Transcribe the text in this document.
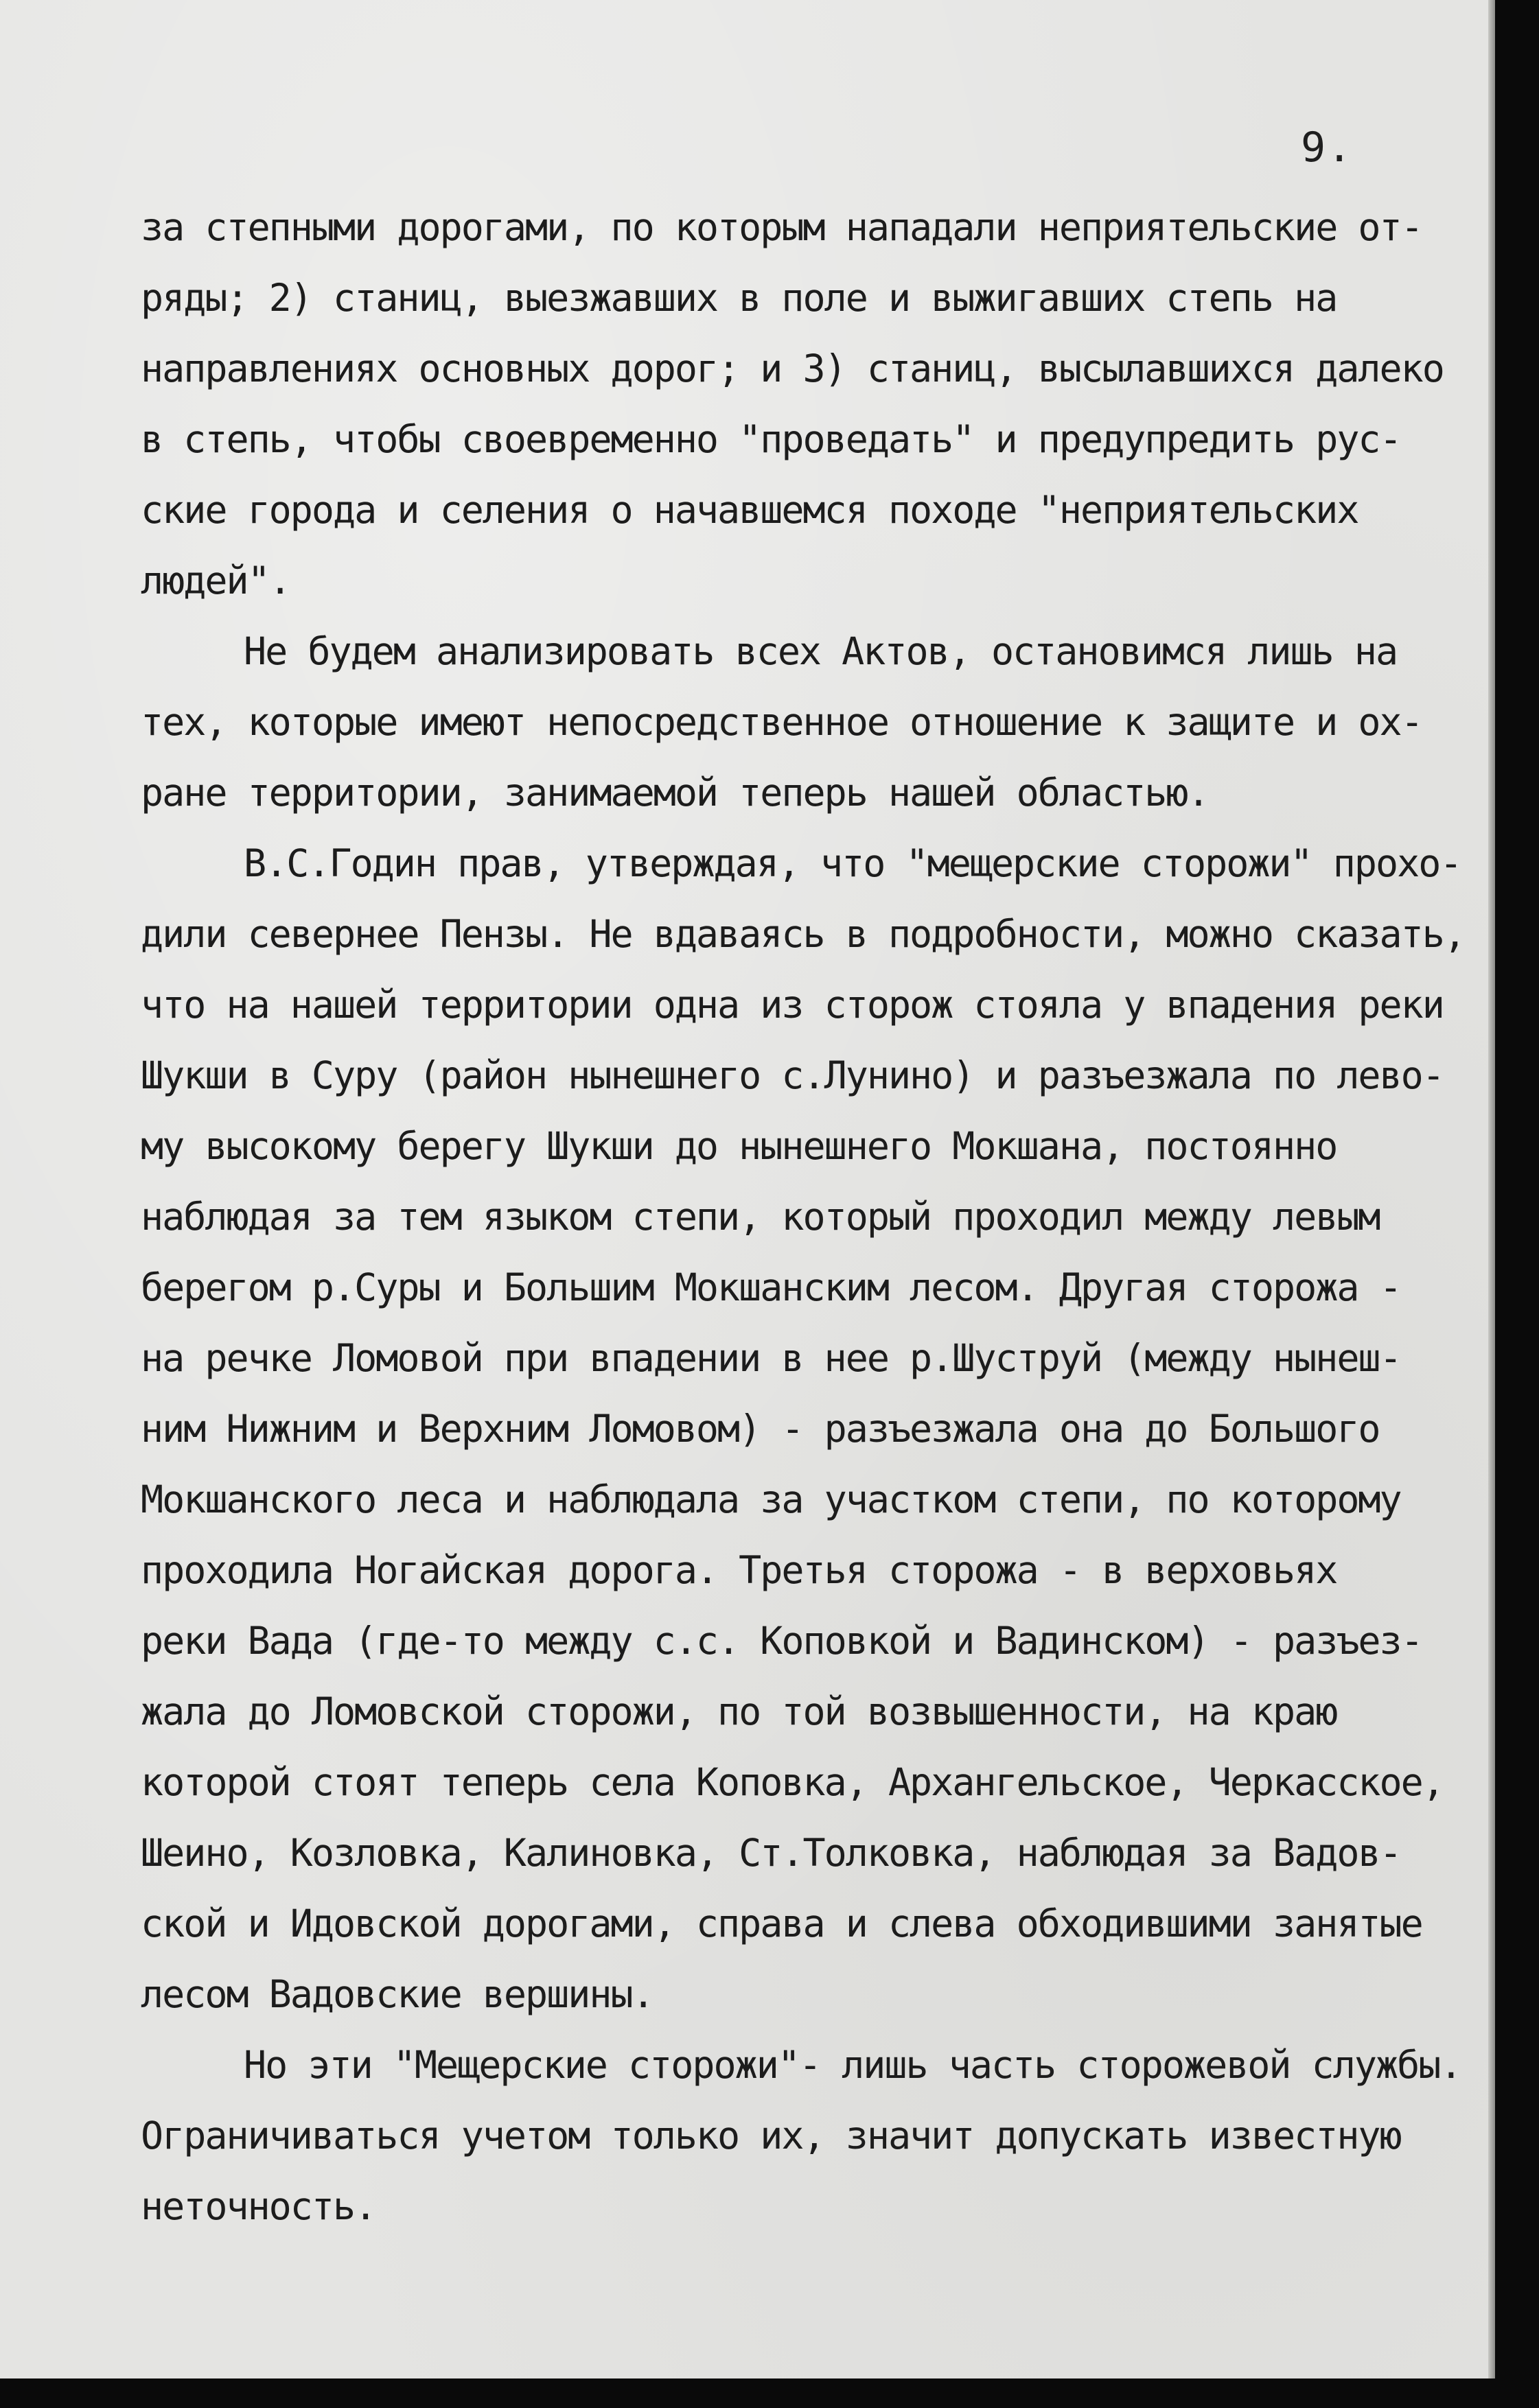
9.
за степными дорогами, по которым нападали неприятельские от-
ряды; 2) станиц, выезжавших в поле и выжигавших степь на
направлениях основных дорог; и 3) станиц, высылавшихся далеко
в степь, чтобы своевременно "проведать" и предупредить рус-
ские города и селения о начавшемся походе "неприятельских
людей".
Не будем анализировать всех Актов, остановимся лишь на
тех, которые имеют непосредственное отношение к защите и ох-
ране территории, занимаемой теперь нашей областью.
В.С.Годин прав, утверждая, что "мещерские сторожи" прохо-
дили севернее Пензы. Не вдаваясь в подробности, можно сказать,
что на нашей территории одна из сторож стояла у впадения реки
Шукши в Суру (район нынешнего с.Лунино) и разъезжала по лево-
му высокому берегу Шукши до нынешнего Мокшана, постоянно
наблюдая за тем языком степи, который проходил между левым
берегом р.Суры и Большим Мокшанским лесом. Другая сторожа -
на речке Ломовой при впадении в нее р.Шуструй (между нынеш-
ним Нижним и Верхним Ломовом) - разъезжала она до Большого
Мокшанского леса и наблюдала за участком степи, по которому
проходила Ногайская дорога. Третья сторожа - в верховьях
реки Вада (где-то между с.с. Коповкой и Вадинском) - разъез-
жала до Ломовской сторожи, по той возвышенности, на краю
которой стоят теперь села Коповка, Архангельское, Черкасское,
Шеино, Козловка, Калиновка, Ст.Толковка, наблюдая за Вадов-
ской и Идовской дорогами, справа и слева обходившими занятые
лесом Вадовские вершины.
Но эти "Мещерские сторожи"- лишь часть сторожевой службы.
Ограничиваться учетом только их, значит допускать известную
неточность.
